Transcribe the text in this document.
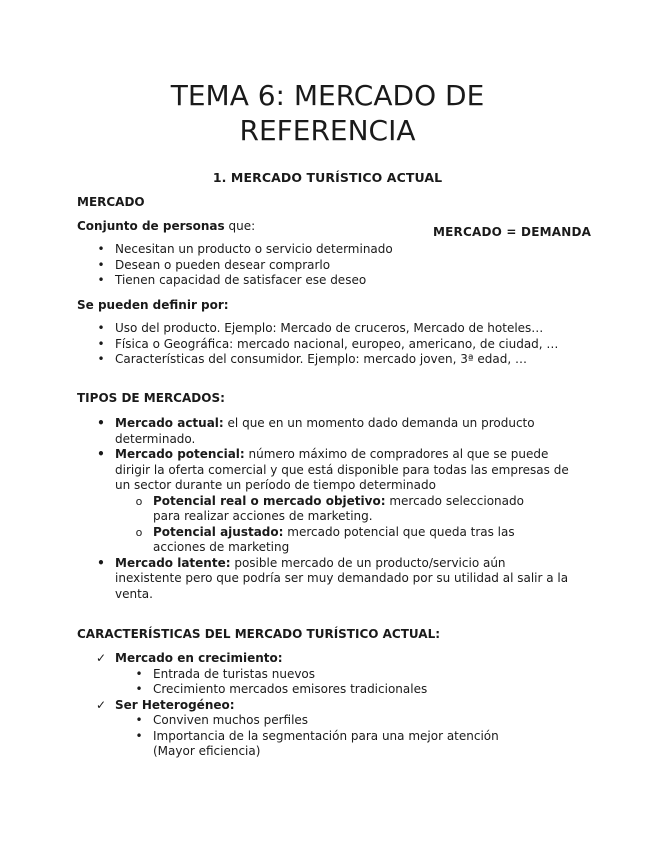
TEMA 6: MERCADO DE
REFERENCIA
1. MERCADO TURÍSTICO ACTUAL
MERCADO
Conjunto de personas que:	MERCADO = DEMANDA
•
Necesitan un producto o servicio determinado
•
Desean o pueden desear comprarlo
•
Tienen capacidad de satisfacer ese deseo
Se pueden definir por:
•
Uso del producto. Ejemplo: Mercado de cruceros, Mercado de hoteles…
•
Física o Geográfica: mercado nacional, europeo, americano, de ciudad, …
•
Características del consumidor. Ejemplo: mercado joven, 3ª edad, …
TIPOS DE MERCADOS:
•
Mercado actual: el que en un momento dado demanda un producto determinado.
•
Mercado potencial: número máximo de compradores al que se puede dirigir la oferta comercial y que está disponible para todas las empresas de un sector durante un período de tiempo determinado
o
Potencial real o mercado objetivo: mercado seleccionado para realizar acciones de marketing.
o
Potencial ajustado: mercado potencial que queda tras las acciones de marketing
•
Mercado latente: posible mercado de un producto/servicio aún inexistente pero que podría ser muy demandado por su utilidad al salir a la venta.
CARACTERÍSTICAS DEL MERCADO TURÍSTICO ACTUAL:
✓
Mercado en crecimiento:
•
Entrada de turistas nuevos
•
Crecimiento mercados emisores tradicionales
✓
Ser Heterogéneo:
•
Conviven muchos perfiles
•
Importancia de la segmentación para una mejor atención (Mayor eficiencia)
